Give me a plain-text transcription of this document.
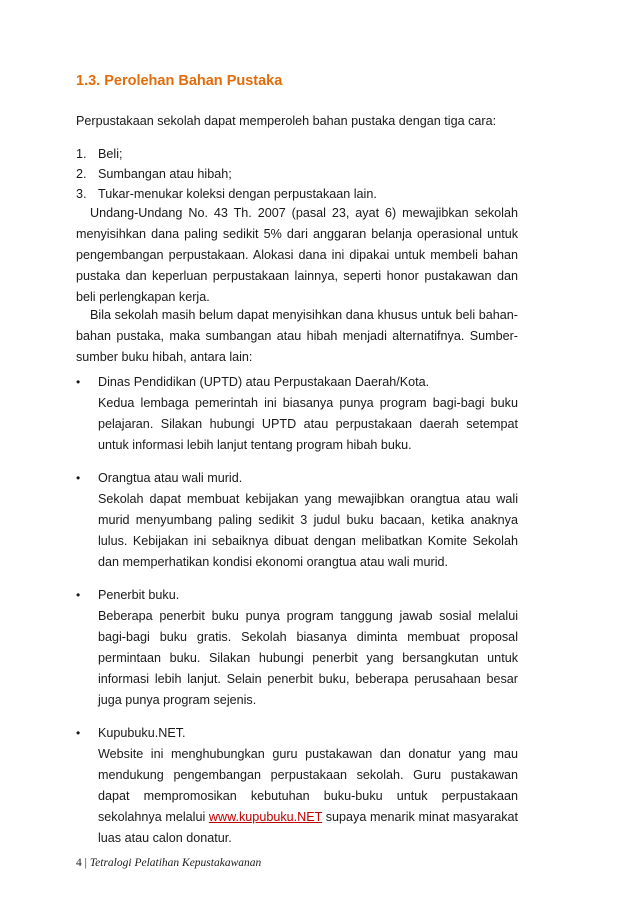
1.3. Perolehan Bahan Pustaka
Perpustakaan sekolah dapat memperoleh bahan pustaka dengan tiga cara:
1. Beli;
2. Sumbangan atau hibah;
3. Tukar-menukar koleksi dengan perpustakaan lain.
Undang-Undang No. 43 Th. 2007 (pasal 23, ayat 6) mewajibkan sekolah menyisihkan dana paling sedikit 5% dari anggaran belanja operasional untuk pengembangan perpustakaan. Alokasi dana ini dipakai untuk membeli bahan pustaka dan keperluan perpustakaan lainnya, seperti honor pustakawan dan beli perlengkapan kerja.
Bila sekolah masih belum dapat menyisihkan dana khusus untuk beli bahan-bahan pustaka, maka sumbangan atau hibah menjadi alternatifnya. Sumber-sumber buku hibah, antara lain:
•	Dinas Pendidikan (UPTD) atau Perpustakaan Daerah/Kota.
Kedua lembaga pemerintah ini biasanya punya program bagi-bagi buku pelajaran. Silakan hubungi UPTD atau perpustakaan daerah setempat untuk informasi lebih lanjut tentang program hibah buku.
•	Orangtua atau wali murid.
Sekolah dapat membuat kebijakan yang mewajibkan orangtua atau wali murid menyumbang paling sedikit 3 judul buku bacaan, ketika anaknya lulus. Kebijakan ini sebaiknya dibuat dengan melibatkan Komite Sekolah dan memperhatikan kondisi ekonomi orangtua atau wali murid.
•	Penerbit buku.
Beberapa penerbit buku punya program tanggung jawab sosial melalui bagi-bagi buku gratis. Sekolah biasanya diminta membuat proposal permintaan buku. Silakan hubungi penerbit yang bersangkutan untuk informasi lebih lanjut. Selain penerbit buku, beberapa perusahaan besar juga punya program sejenis.
•	Kupubuku.NET.
Website ini menghubungkan guru pustakawan dan donatur yang mau mendukung pengembangan perpustakaan sekolah. Guru pustakawan dapat mempromosikan kebutuhan buku-buku untuk perpustakaan sekolahnya melalui www.kupubuku.NET supaya menarik minat masyarakat luas atau calon donatur.
4 | Tetralogi Pelatihan Kepustakawanan
